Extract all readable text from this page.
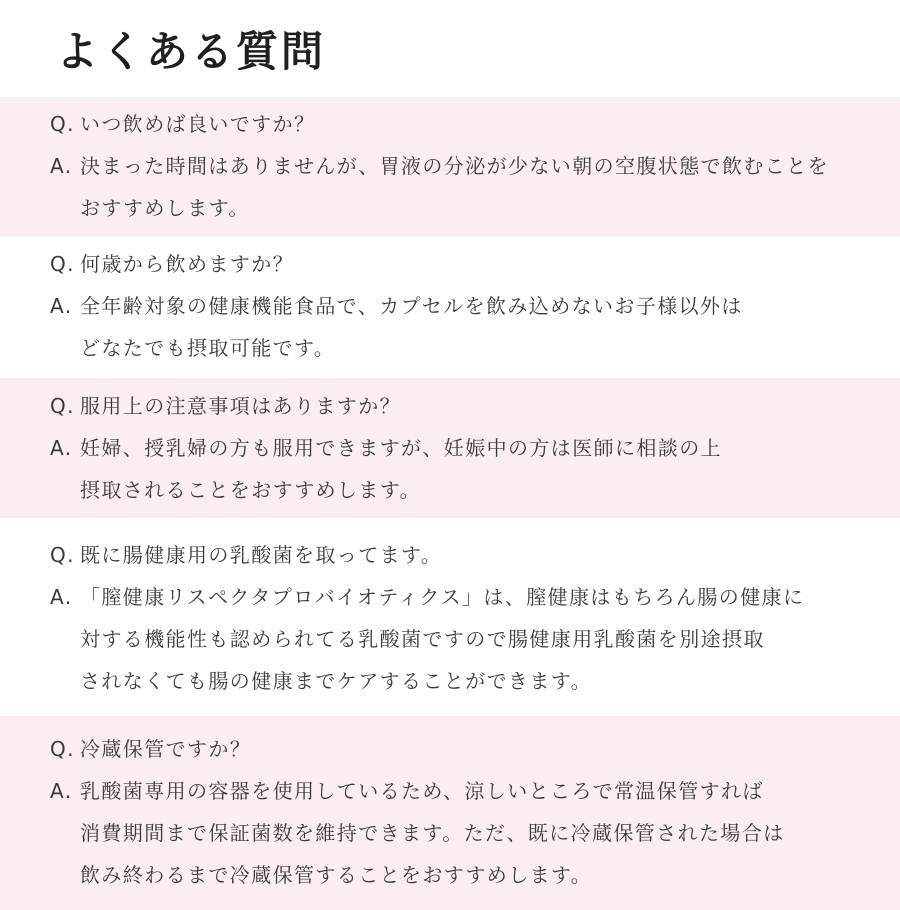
よくある質問
Q. いつ飲めば良いですか？
A. 決まった時間はありませんが、胃液の分泌が少ない朝の空腹状態で飲むことを
おすすめします。
Q. 何歳から飲めますか？
A. 全年齢対象の健康機能食品で、カプセルを飲み込めないお子様以外は
どなたでも摂取可能です。
Q. 服用上の注意事項はありますか？
A. 妊婦、授乳婦の方も服用できますが、妊娠中の方は医師に相談の上
摂取されることをおすすめします。
Q. 既に腸健康用の乳酸菌を取ってます。
A. 「膣健康リスペクタプロバイオティクス」は、膣健康はもちろん腸の健康に
対する機能性も認められてる乳酸菌ですので腸健康用乳酸菌を別途摂取
されなくても腸の健康までケアすることができます。
Q. 冷蔵保管ですか？
A. 乳酸菌専用の容器を使用しているため、涼しいところで常温保管すれば
消費期間まで保証菌数を維持できます。ただ、既に冷蔵保管された場合は
飲み終わるまで冷蔵保管することをおすすめします。
